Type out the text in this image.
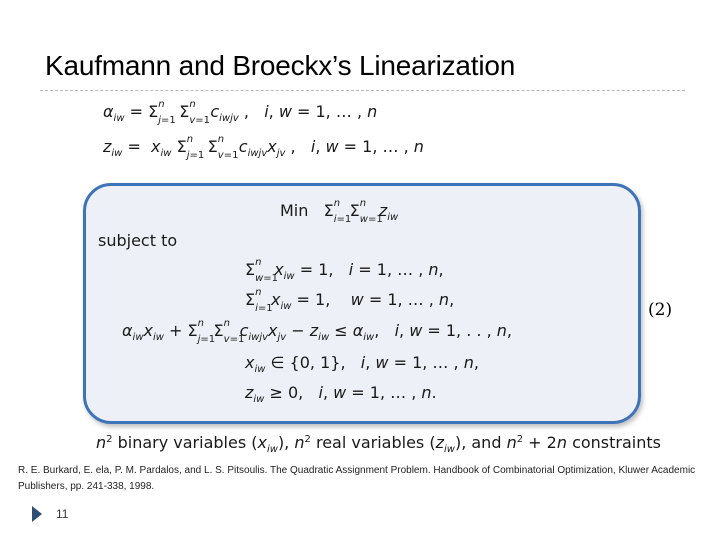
Kaufmann and Broeckx’s Linearization
$\alpha_{iw} = \Sigma$ n
j=1
Σ n
v=1 $c_{iwjv}$ ,   i, w = 1, … , n
$z_{iw} = x_{iw}$ Σ n
j=1
Σ n
v=1 $c_{iwjv}x_{jv}$ ,   i, w = 1, … , n
Min   Σ n
i=1
Σ n
w=1
$z_{iw}$
subject to
Σ n
w=1
$x_{iw} = 1$,   i = 1, … , n,
Σ n
i=1
$x_{iw} = 1$,    w = 1, … , n,
$\alpha_{iw}x_{iw} + \Sigma$ n
j=1
Σ n
v=1
$c_{iwjv}x_{jv} - z_{iw} \le \alpha_{iw}$,   i, w = 1, . . , n,
$x_{iw}$ ∈ {0, 1},   i, w = 1, … , n,
$z_{iw} \ge 0$,   i, w = 1, … , n.
(2)
$n^2$ binary variables $(x_{iw})$, $n^2$ real variables $(z_{iw})$, and $n^2 + 2n$ constraints
R. E. Burkard, E. ela, P. M. Pardalos, and L. S. Pitsoulis. The Quadratic Assignment Problem. Handbook of Combinatorial Optimization, Kluwer Academic Publishers, pp. 241-338, 1998.
11
